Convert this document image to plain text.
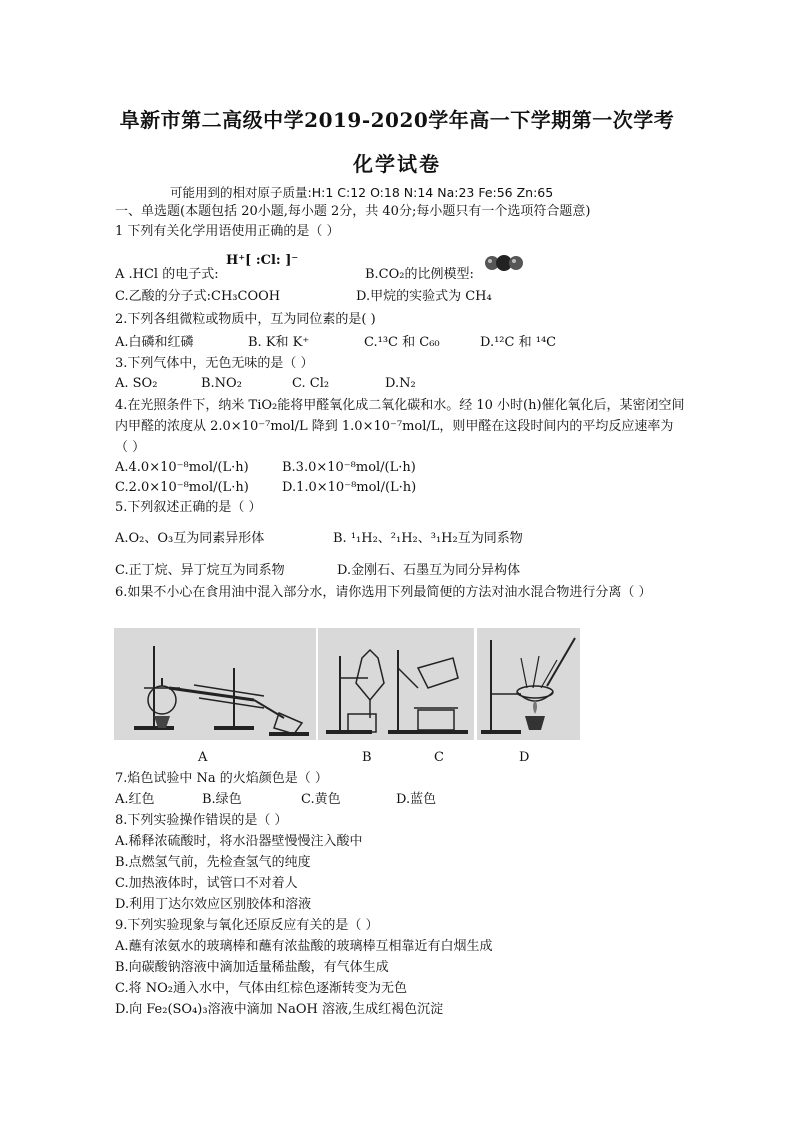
阜新市第二高级中学2019-2020学年高一下学期第一次学考
化学试卷
可能用到的相对原子质量:H:1 C:12 O:18 N:14 Na:23 Fe:56 Zn:65
一、单选题(本题包括 20小题,每小题 2分，共 40分;每小题只有一个选项符合题意)
1 下列有关化学用语使用正确的是（ ）
H⁺[ :Cl: ]⁻
A .HCl 的电子式:	B.CO₂的比例模型:
C.乙酸的分子式:CH₃COOH	D.甲烷的实验式为 CH₄
2.下列各组微粒或物质中，互为同位素的是( )
A.白磷和红磷	B. K和 K⁺	C.¹³C 和 C₆₀	D.¹²C 和 ¹⁴C
3.下列气体中，无色无味的是（ ）
A. SO₂	B.NO₂	C. Cl₂	D.N₂
4.在光照条件下，纳米 TiO₂能将甲醛氧化成二氧化碳和水。经 10 小时(h)催化氧化后，某密闭空间内甲醛的浓度从 2.0×10⁻⁷mol/L 降到 1.0×10⁻⁷mol/L，则甲醛在这段时间内的平均反应速率为（ ）
A.4.0×10⁻⁸mol/(L·h)	B.3.0×10⁻⁸mol/(L·h)
C.2.0×10⁻⁸mol/(L·h)	D.1.0×10⁻⁸mol/(L·h)
5.下列叙述正确的是（ ）
A.O₂、O₃互为同素异形体	B. ¹₁H₂、²₁H₂、³₁H₂互为同系物
C.正丁烷、异丁烷互为同系物	D.金刚石、石墨互为同分异构体
6.如果不小心在食用油中混入部分水，请你选用下列最简便的方法对油水混合物进行分离（ ）
A	B	C	D
7.焰色试验中 Na 的火焰颜色是（ ）
A.红色	B.绿色	C.黄色	D.蓝色
8.下列实验操作错误的是（ ）
A.稀释浓硫酸时，将水沿器壁慢慢注入酸中
B.点燃氢气前，先检查氢气的纯度
C.加热液体时，试管口不对着人
D.利用丁达尔效应区别胶体和溶液
9.下列实验现象与氧化还原反应有关的是（ ）
A.蘸有浓氨水的玻璃棒和蘸有浓盐酸的玻璃棒互相靠近有白烟生成
B.向碳酸钠溶液中滴加适量稀盐酸，有气体生成
C.将 NO₂通入水中，气体由红棕色逐渐转变为无色
D.向 Fe₂(SO₄)₃溶液中滴加 NaOH 溶液,生成红褐色沉淀
